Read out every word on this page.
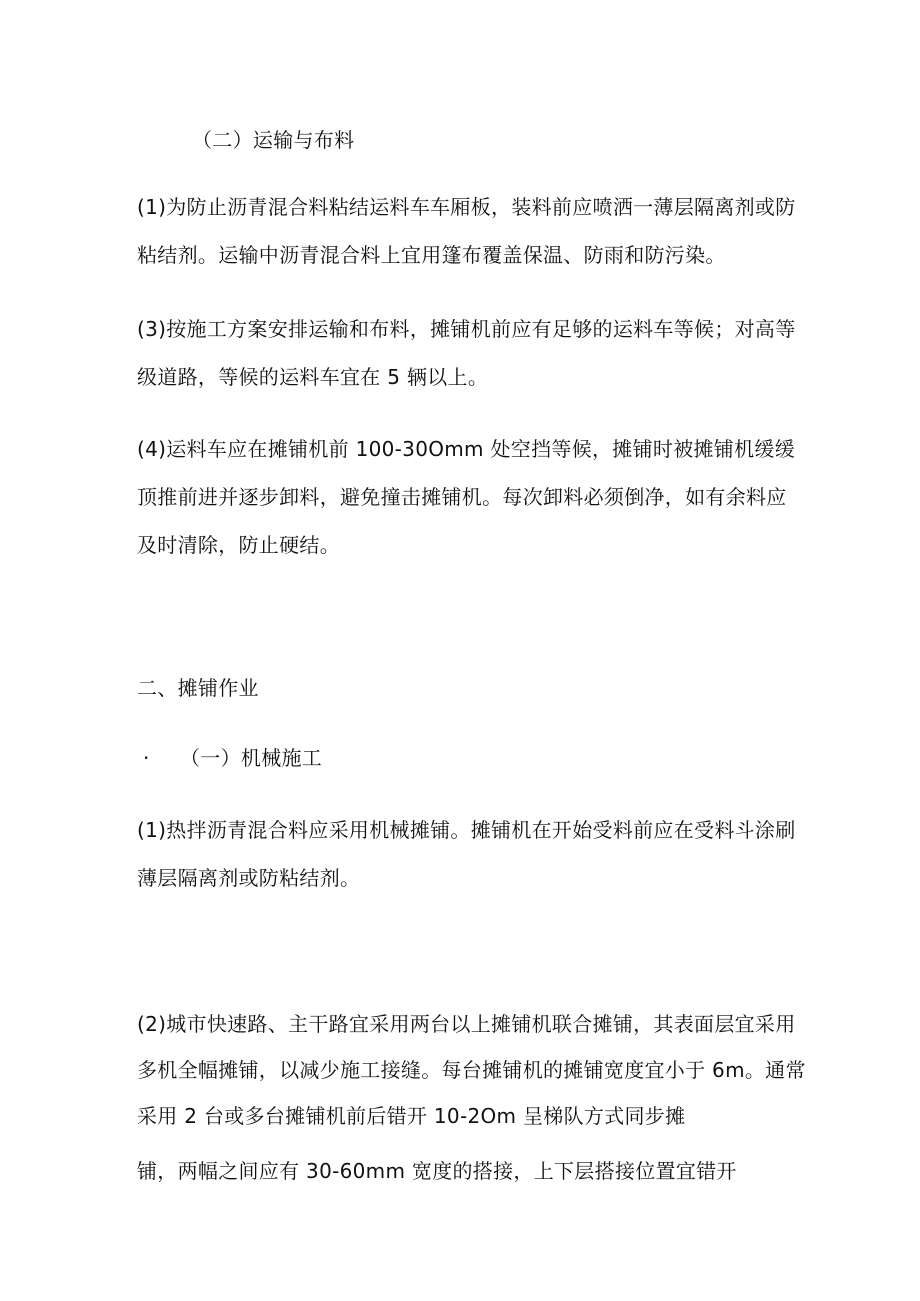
（二）运输与布料
(1)为防止沥青混合料粘结运料车车厢板，装料前应喷洒一薄层隔离剂或防
粘结剂。运输中沥青混合料上宜用篷布覆盖保温、防雨和防污染。
(3)按施工方案安排运输和布料，摊铺机前应有足够的运料车等候；对高等
级道路，等候的运料车宜在 5 辆以上。
(4)运料车应在摊铺机前 100-30Omm 处空挡等候，摊铺时被摊铺机缓缓
顶推前进并逐步卸料，避免撞击摊铺机。每次卸料必须倒净，如有余料应
及时清除，防止硬结。
二、摊铺作业
· （一）机械施工
(1)热拌沥青混合料应采用机械摊铺。摊铺机在开始受料前应在受料斗涂刷
薄层隔离剂或防粘结剂。
(2)城市快速路、主干路宜采用两台以上摊铺机联合摊铺，其表面层宜采用
多机全幅摊铺，以减少施工接缝。每台摊铺机的摊铺宽度宜小于 6m。通常
采用 2 台或多台摊铺机前后错开 10-2Om 呈梯队方式同步摊
铺，两幅之间应有 30-60mm 宽度的搭接，上下层搭接位置宜错开
